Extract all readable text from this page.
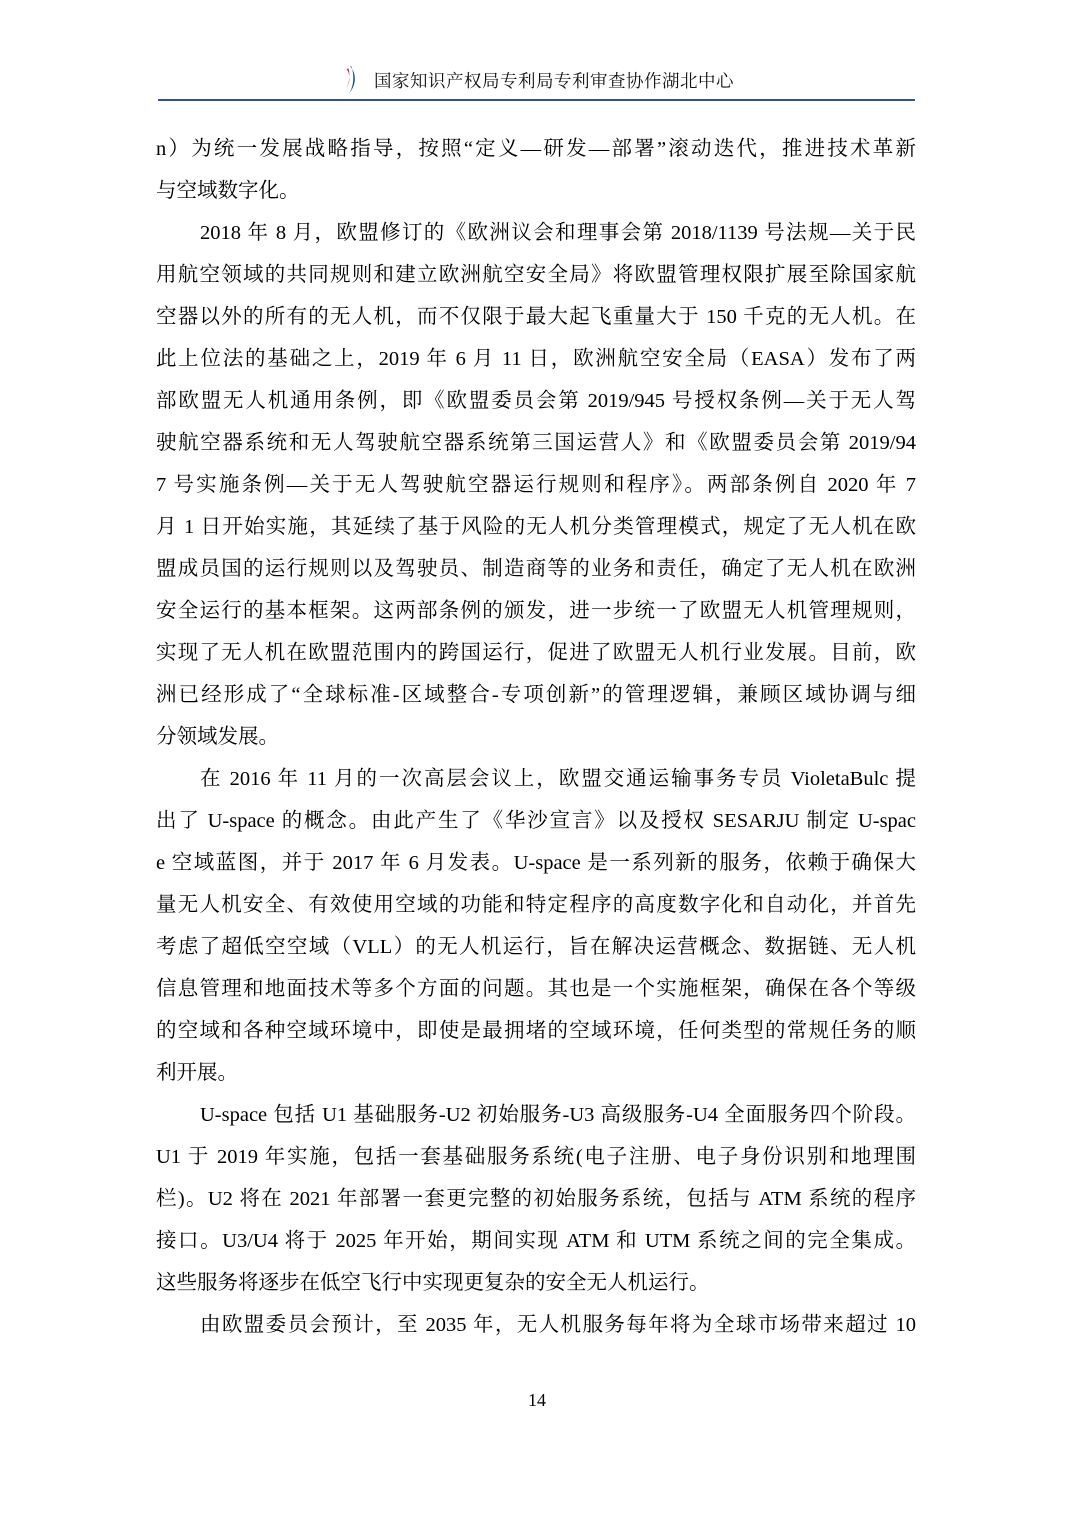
国家知识产权局专利局专利审查协作湖北中心
n）为统一发展战略指导，按照“定义—研发—部署”滚动迭代，推进技术革新
与空域数字化。
2018 年 8 月，欧盟修订的《欧洲议会和理事会第 2018/1139 号法规—关于民
用航空领域的共同规则和建立欧洲航空安全局》将欧盟管理权限扩展至除国家航
空器以外的所有的无人机，而不仅限于最大起飞重量大于 150 千克的无人机。在
此上位法的基础之上，2019 年 6 月 11 日，欧洲航空安全局（EASA）发布了两
部欧盟无人机通用条例，即《欧盟委员会第 2019/945 号授权条例—关于无人驾
驶航空器系统和无人驾驶航空器系统第三国运营人》和《欧盟委员会第 2019/94
7 号实施条例—关于无人驾驶航空器运行规则和程序》。两部条例自 2020 年 7
月 1 日开始实施，其延续了基于风险的无人机分类管理模式，规定了无人机在欧
盟成员国的运行规则以及驾驶员、制造商等的业务和责任，确定了无人机在欧洲
安全运行的基本框架。这两部条例的颁发，进一步统一了欧盟无人机管理规则，
实现了无人机在欧盟范围内的跨国运行，促进了欧盟无人机行业发展。目前，欧
洲已经形成了“全球标准-区域整合-专项创新”的管理逻辑，兼顾区域协调与细
分领域发展。
在 2016 年 11 月的一次高层会议上，欧盟交通运输事务专员 VioletaBulc 提
出了 U-space 的概念。由此产生了《华沙宣言》以及授权 SESARJU 制定 U-spac
e 空域蓝图，并于 2017 年 6 月发表。U-space 是一系列新的服务，依赖于确保大
量无人机安全、有效使用空域的功能和特定程序的高度数字化和自动化，并首先
考虑了超低空空域（VLL）的无人机运行，旨在解决运营概念、数据链、无人机
信息管理和地面技术等多个方面的问题。其也是一个实施框架，确保在各个等级
的空域和各种空域环境中，即使是最拥堵的空域环境，任何类型的常规任务的顺
利开展。
U-space 包括 U1 基础服务-U2 初始服务-U3 高级服务-U4 全面服务四个阶段。
U1 于 2019 年实施，包括一套基础服务系统(电子注册、电子身份识别和地理围
栏)。U2 将在 2021 年部署一套更完整的初始服务系统，包括与 ATM 系统的程序
接口。U3/U4 将于 2025 年开始，期间实现 ATM 和 UTM 系统之间的完全集成。
这些服务将逐步在低空飞行中实现更复杂的安全无人机运行。
由欧盟委员会预计，至 2035 年，无人机服务每年将为全球市场带来超过 10
14
